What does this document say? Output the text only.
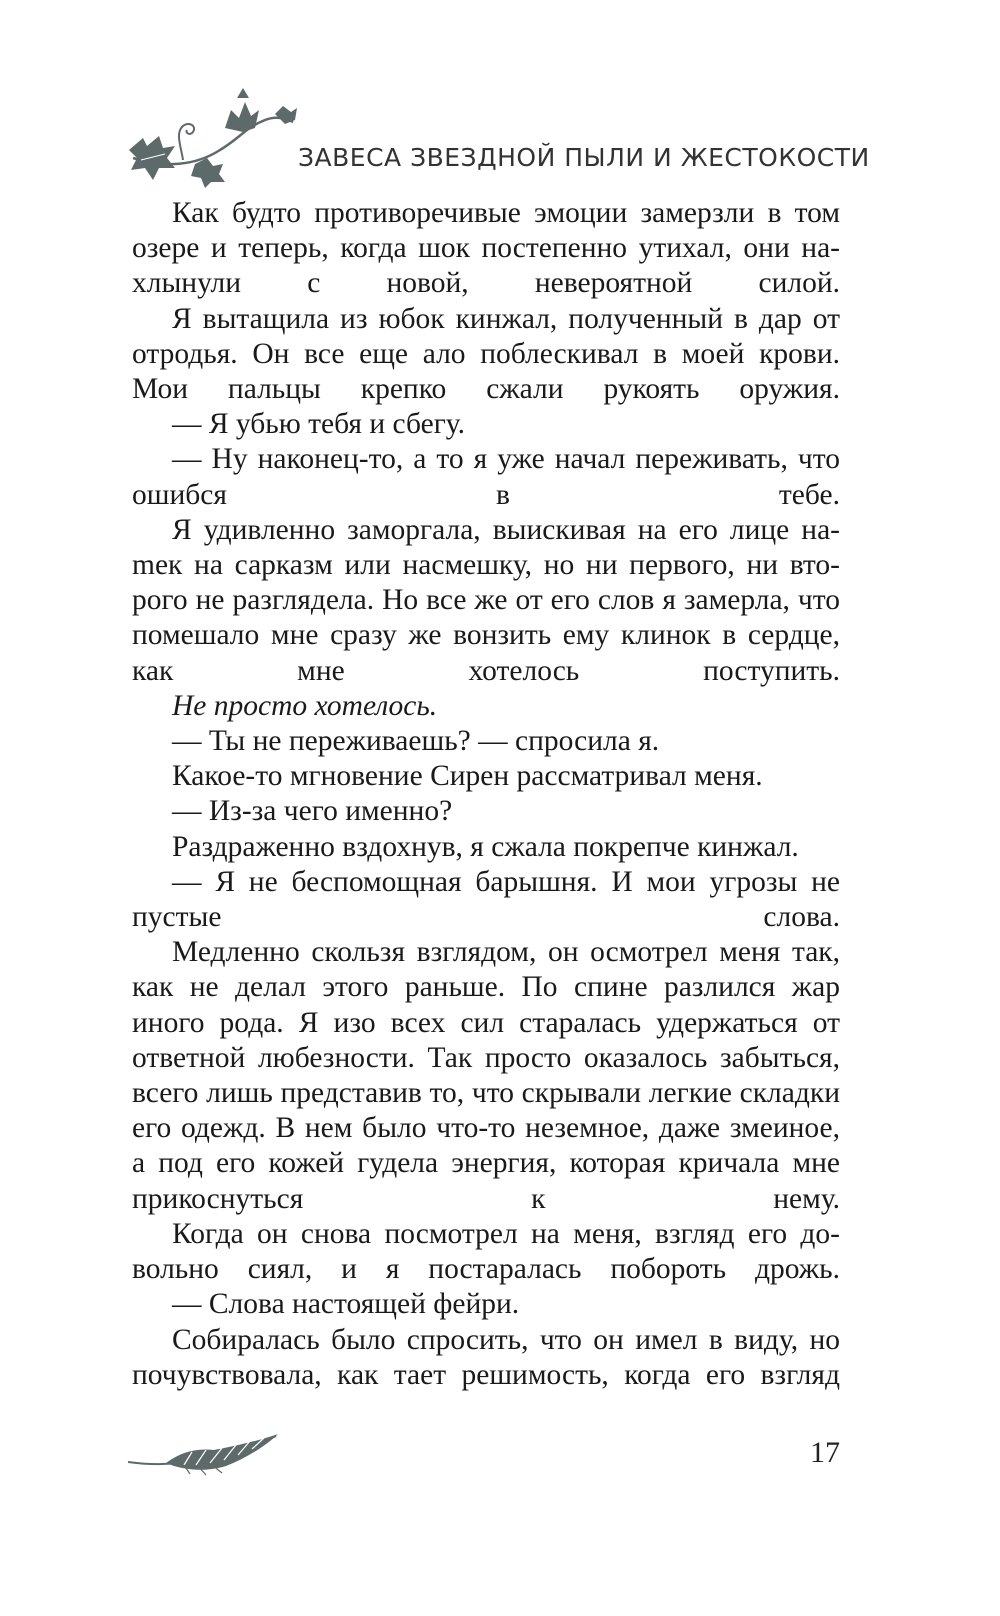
ЗАВЕСА ЗВЕЗДНОЙ ПЫЛИ И ЖЕСТОКОСТИ

Как будто противоречивые эмоции замерзли в том озере и теперь, когда шок постепенно утихал, они нахлынули с новой, невероятной силой.

Я вытащила из юбок кинжал, полученный в дар от отродья. Он все еще ало поблескивал в моей крови. Мои пальцы крепко сжали рукоять оружия.

— Я убью тебя и сбегу.

— Ну наконец-то, а то я уже начал переживать, что ошибся в тебе.

Я удивленно заморгала, выискивая на его лице наmек на сарказм или насмешку, но ни первого, ни второго не разглядела. Но все же от его слов я замерла, что помешало мне сразу же вонзить ему клинок в сердце, как мне хотелось поступить.

Не просто хотелось.

— Ты не переживаешь? — спросила я.

Какое-то мгновение Сирен рассматривал меня.

— Из-за чего именно?

Раздраженно вздохнув, я сжала покрепче кинжал.

— Я не беспомощная барышня. И мои угрозы не пустые слова.

Медленно скользя взглядом, он осмотрел меня так, как не делал этого раньше. По спине разлился жар иного рода. Я изо всех сил старалась удержаться от ответной любезности. Так просто оказалось забыться, всего лишь представив то, что скрывали легкие складки его одежд. В нем было что-то неземное, даже змеиное, а под его кожей гудела энергия, которая кричала мне прикоснуться к нему.

Когда он снова посмотрел на меня, взгляд его довольно сиял, и я постаралась побороть дрожь.

— Слова настоящей фейри.

Собиралась было спросить, что он имел в виду, но почувствовала, как тает решимость, когда его взгляд

17
